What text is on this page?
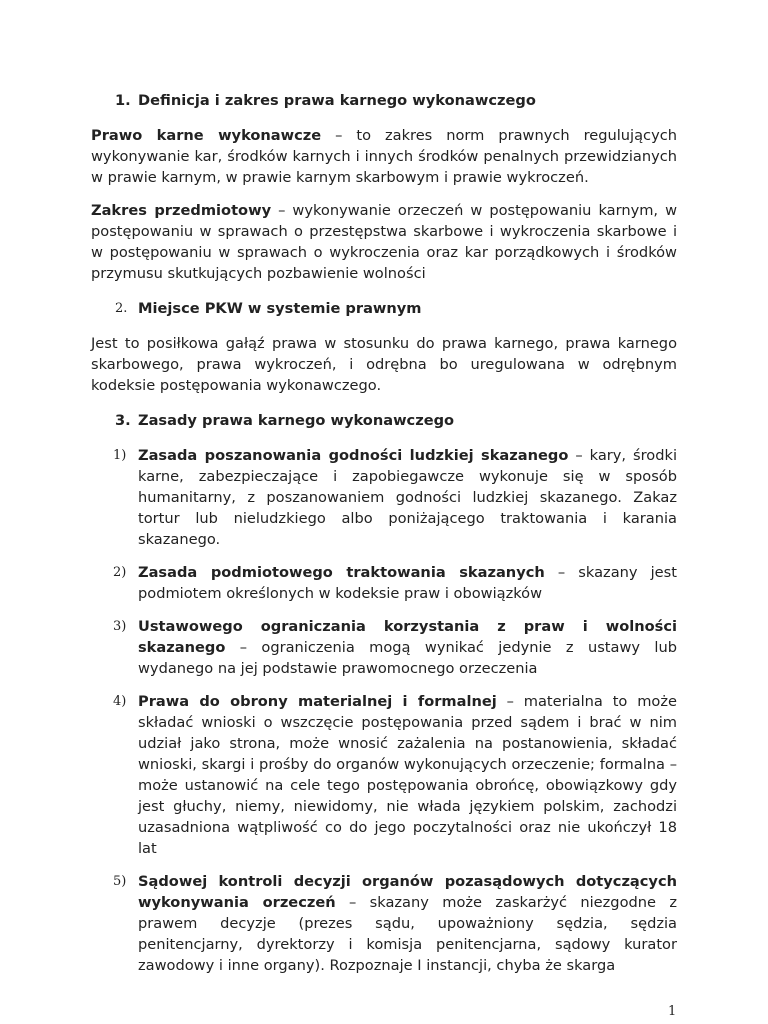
1. Definicja i zakres prawa karnego wykonawczego

Prawo karne wykonawcze – to zakres norm prawnych regulujących wykonywanie kar, środków karnych i innych środków penalnych przewidzianych w prawie karnym, w prawie karnym skarbowym i prawie wykroczeń.

Zakres przedmiotowy – wykonywanie orzeczeń w postępowaniu karnym, w postępowaniu w sprawach o przestępstwa skarbowe i wykroczenia skarbowe i w postępowaniu w sprawach o wykroczenia oraz kar porządkowych i środków przymusu skutkujących pozbawienie wolności

2. Miejsce PKW w systemie prawnym

Jest to posiłkowa gałąź prawa w stosunku do prawa karnego, prawa karnego skarbowego, prawa wykroczeń, i odrębna bo uregulowana w odrębnym kodeksie postępowania wykonawczego.

3. Zasady prawa karnego wykonawczego
1) Zasada poszanowania godności ludzkiej skazanego – kary, środki karne, zabezpieczające i zapobiegawcze wykonuje się w sposób humanitarny, z poszanowaniem godności ludzkiej skazanego. Zakaz tortur lub nieludzkiego albo poniżającego traktowania i karania skazanego.

2) Zasada podmiotowego traktowania skazanych – skazany jest podmiotem określonych w kodeksie praw i obowiązków

3) Ustawowego ograniczania korzystania z praw i wolności skazanego – ograniczenia mogą wynikać jedynie z ustawy lub wydanego na jej podstawie prawomocnego orzeczenia

4) Prawa do obrony materialnej i formalnej – materialna to może składać wnioski o wszczęcie postępowania przed sądem i brać w nim udział jako strona, może wnosić zażalenia na postanowienia, składać wnioski, skargi i prośby do organów wykonujących orzeczenie; formalna – może ustanowić na cele tego postępowania obrońcę, obowiązkowy gdy jest głuchy, niemy, niewidomy, nie włada językiem polskim, zachodzi uzasadniona wątpliwość co do jego poczytalności oraz nie ukończył 18 lat

5) Sądowej kontroli decyzji organów pozasądowych dotyczących wykonywania orzeczeń – skazany może zaskarżyć niezgodne z prawem decyzje (prezes sądu, upoważniony sędzia, sędzia penitencjarny, dyrektorzy i komisja penitencjarna, sądowy kurator zawodowy i inne organy). Rozpoznaje I instancji, chyba że skarga

1
